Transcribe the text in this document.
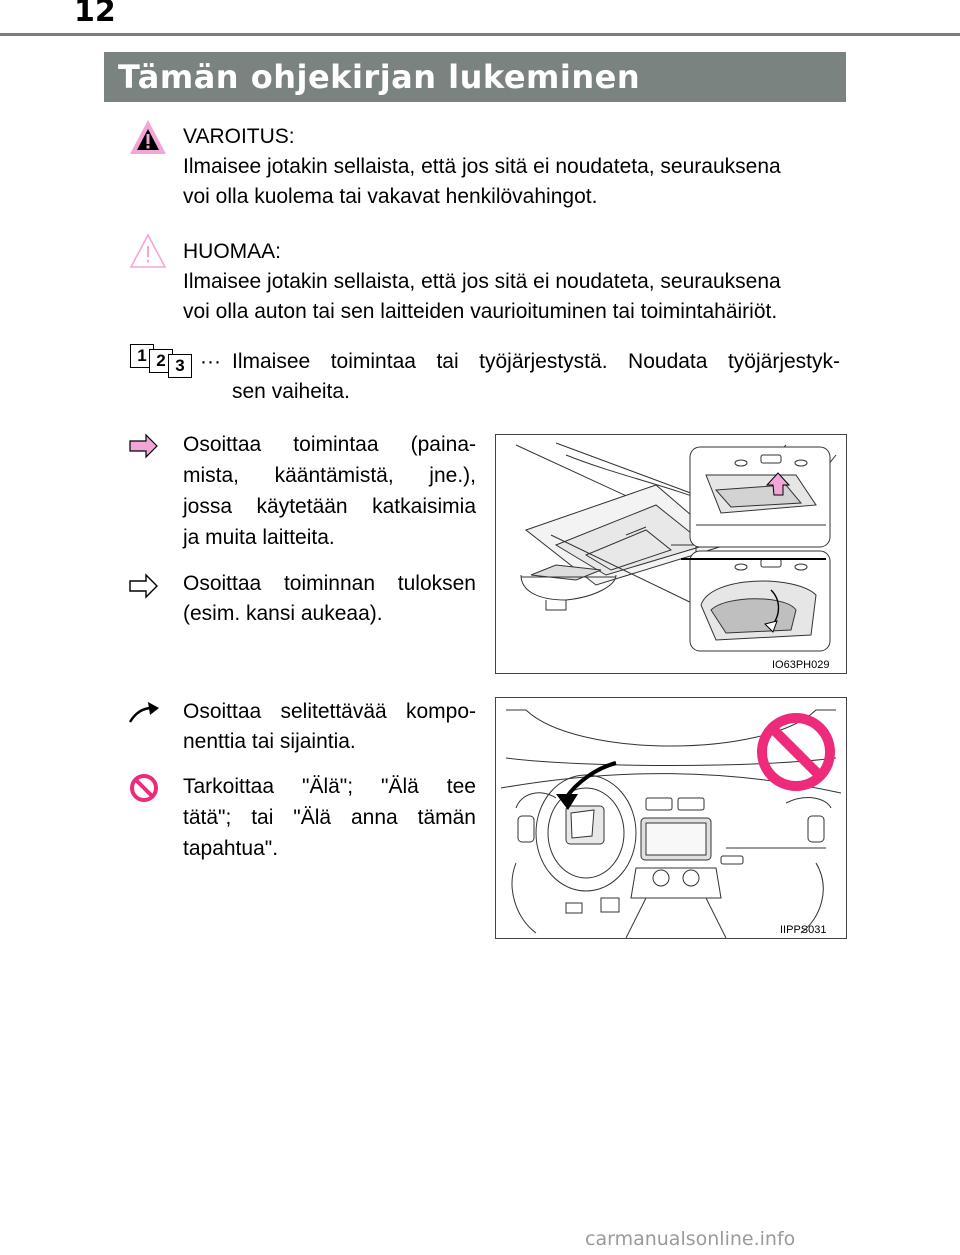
12
Tämän ohjekirjan lukeminen
VAROITUS:
Ilmaisee jotakin sellaista, että jos sitä ei noudateta, seurauksena
voi olla kuolema tai vakavat henkilövahingot.
HUOMAA:
Ilmaisee jotakin sellaista, että jos sitä ei noudateta, seurauksena
voi olla auton tai sen laitteiden vaurioituminen tai toimintahäiriöt.
1 2 3 ··· Ilmaisee toimintaa tai työjärjestystä. Noudata työjärjestyk-
sen vaiheita.
Osoittaa toimintaa (paina-
mista, kääntämistä, jne.),
jossa käytetään katkaisimia
ja muita laitteita.
Osoittaa toiminnan tuloksen
(esim. kansi aukeaa).
IO63PH029
Osoittaa selitettävää kompo-
nenttia tai sijaintia.
Tarkoittaa "Älä"; "Älä tee
tätä"; tai "Älä anna tämän
tapahtua".
IIPPS031
carmanualsonline.info
